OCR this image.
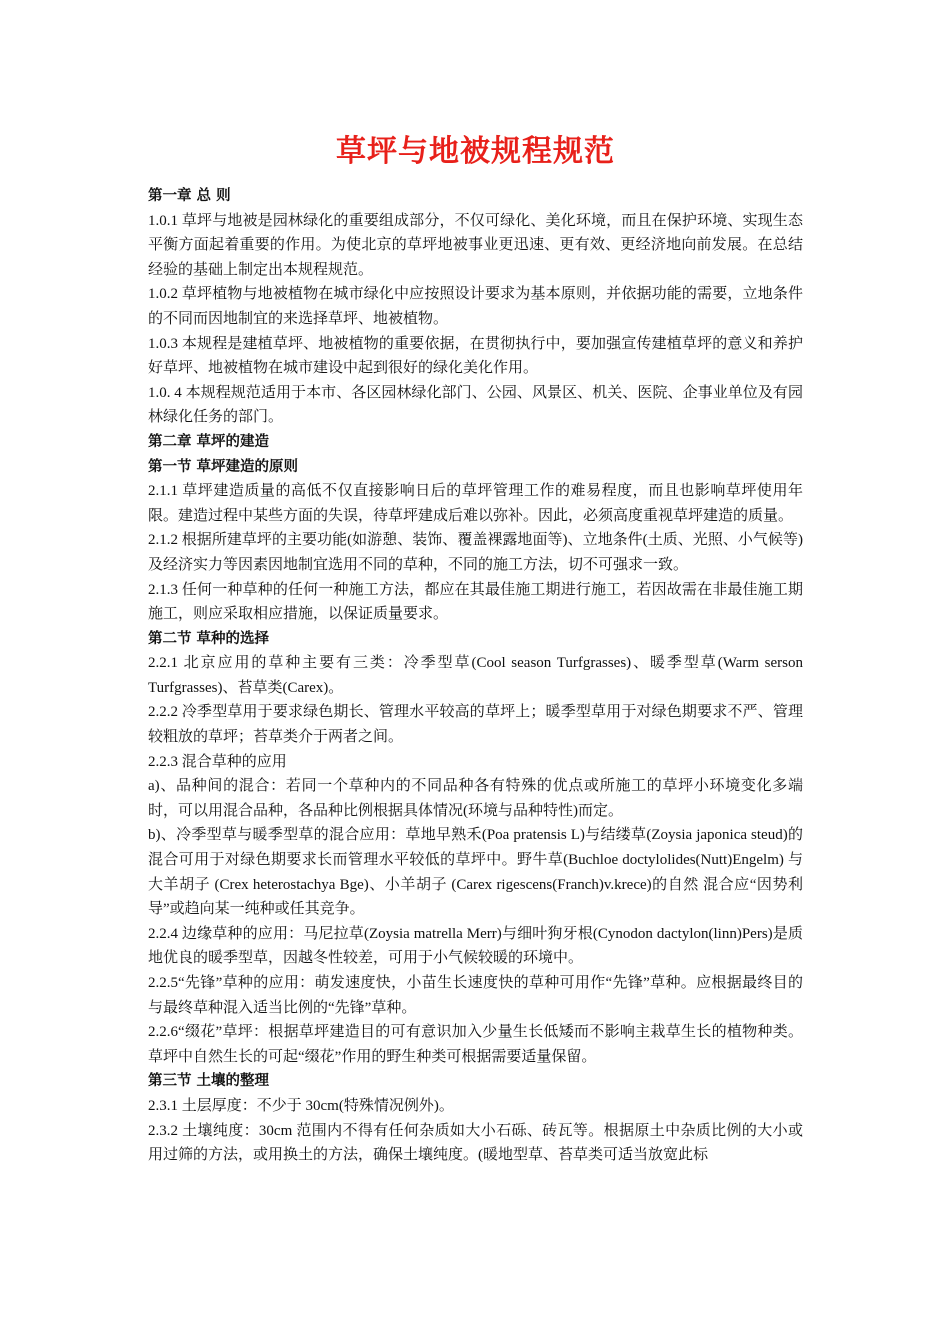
草坪与地被规程规范
第一章 总 则

1.0.1 草坪与地被是园林绿化的重要组成部分，不仅可绿化、美化环境，而且在保护环境、实现生态平衡方面起着重要的作用。为使北京的草坪地被事业更迅速、更有效、更经济地向前发展。在总结经验的基础上制定出本规程规范。

1.0.2 草坪植物与地被植物在城市绿化中应按照设计要求为基本原则，并依据功能的需要，立地条件的不同而因地制宜的来选择草坪、地被植物。

1.0.3 本规程是建植草坪、地被植物的重要依据，在贯彻执行中，要加强宣传建植草坪的意义和养护好草坪、地被植物在城市建设中起到很好的绿化美化作用。

1.0. 4 本规程规范适用于本市、各区园林绿化部门、公园、风景区、机关、医院、企事业单位及有园林绿化任务的部门。

第二章 草坪的建造
第一节 草坪建造的原则

2.1.1 草坪建造质量的高低不仅直接影响日后的草坪管理工作的难易程度，而且也影响草坪使用年限。建造过程中某些方面的失误，待草坪建成后难以弥补。因此，必须高度重视草坪建造的质量。

2.1.2 根据所建草坪的主要功能(如游憩、装饰、覆盖裸露地面等)、立地条件(土质、光照、小气候等)及经济实力等因素因地制宜选用不同的草种，不同的施工方法，切不可强求一致。

2.1.3 任何一种草种的任何一种施工方法，都应在其最佳施工期进行施工，若因故需在非最佳施工期施工，则应采取相应措施，以保证质量要求。

第二节 草种的选择

2.2.1 北京应用的草种主要有三类：冷季型草(Cool season Turfgrasses)、暖季型草(Warm serson Turfgrasses)、苔草类(Carex)。

2.2.2 冷季型草用于要求绿色期长、管理水平较高的草坪上；暖季型草用于对绿色期要求不严、管理较粗放的草坪；苔草类介于两者之间。

2.2.3 混合草种的应用

a)、品种间的混合：若同一个草种内的不同品种各有特殊的优点或所施工的草坪小环境变化多端时，可以用混合品种，各品种比例根据具体情况(环境与品种特性)而定。

b)、冷季型草与暖季型草的混合应用：草地早熟禾(Poa pratensis L)与结缕草(Zoysia japonica steud)的混合可用于对绿色期要求长而管理水平较低的草坪中。野牛草(Buchloe doctylolides(Nutt)Engelm) 与大羊胡子 (Crex heterostachya Bge)、小羊胡子 (Carex rigescens(Franch)v.krece)的自然 混合应“因势利导”或趋向某一纯种或任其竞争。

2.2.4 边缘草种的应用：马尼拉草(Zoysia matrella Merr)与细叶狗牙根(Cynodon dactylon(linn)Pers)是质地优良的暖季型草，因越冬性较差，可用于小气候较暖的环境中。

2.2.5“先锋”草种的应用：萌发速度快，小苗生长速度快的草种可用作“先锋”草种。应根据最终目的与最终草种混入适当比例的“先锋”草种。

2.2.6“缀花”草坪：根据草坪建造目的可有意识加入少量生长低矮而不影响主栽草生长的植物种类。草坪中自然生长的可起“缀花”作用的野生种类可根据需要适量保留。

第三节 土壤的整理

2.3.1 土层厚度：不少于 30cm(特殊情况例外)。

2.3.2 土壤纯度：30cm 范围内不得有任何杂质如大小石砾、砖瓦等。根据原土中杂质比例的大小或用过筛的方法，或用换土的方法，确保土壤纯度。(暖地型草、苔草类可适当放宽此标
